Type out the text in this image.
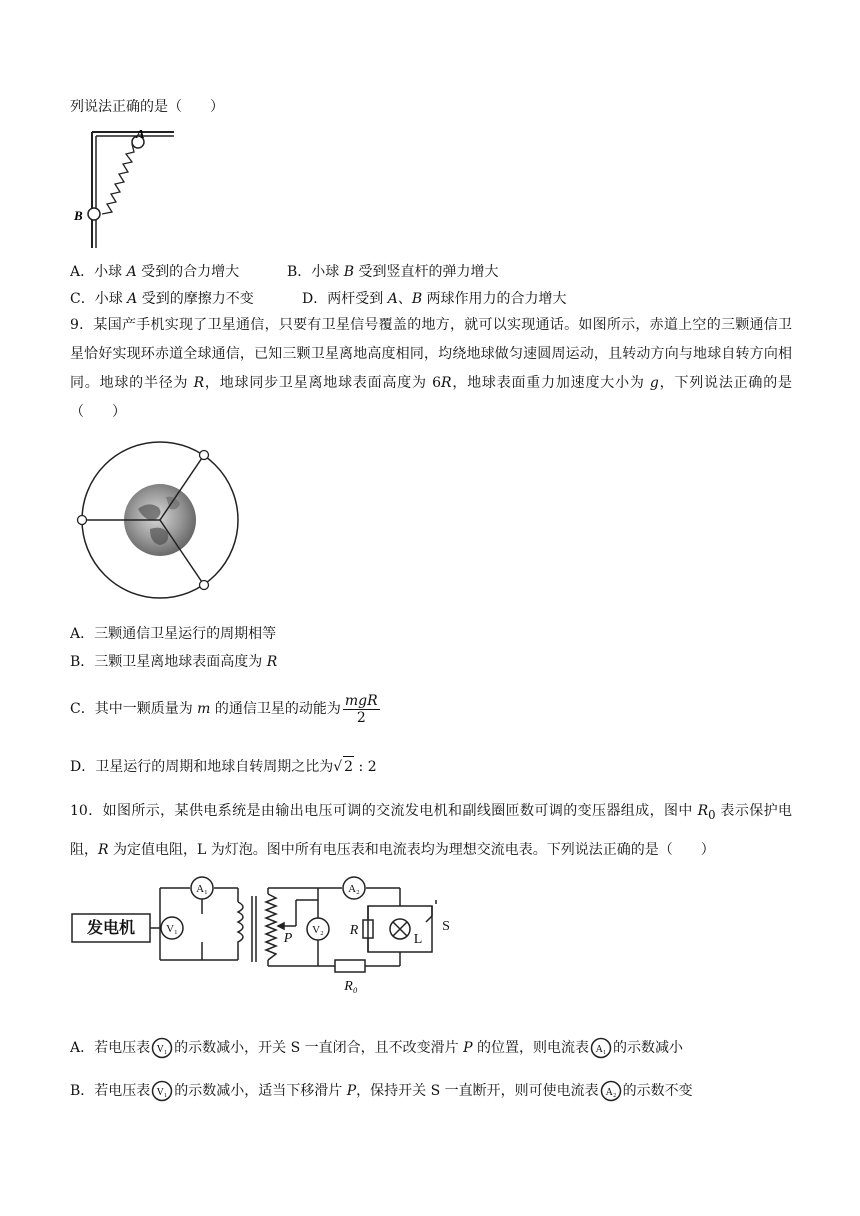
列说法正确的是（　　）
A
B
A．小球 A 受到的合力增大	B．小球 B 受到竖直杆的弹力增大
C．小球 A 受到的摩擦力不变	D．两杆受到 A、B 两球作用力的合力增大
9．某国产手机实现了卫星通信，只要有卫星信号覆盖的地方，就可以实现通话。如图所示，赤道上空的三颗通信卫星恰好实现环赤道全球通信，已知三颗卫星离地高度相同，均绕地球做匀速圆周运动，且转动方向与地球自转方向相同。地球的半径为 R，地球同步卫星离地球表面高度为 6R，地球表面重力加速度大小为 g，下列说法正确的是（　　）
A．三颗通信卫星运行的周期相等
B．三颗卫星离地球表面高度为 R
C．其中一颗质量为 m 的通信卫星的动能为 $\frac{\text{mgR}}{2}$
D．卫星运行的周期和地球自转周期之比为√ 2 : 2
10．如图所示，某供电系统是由输出电压可调的交流发电机和副线圈匝数可调的变压器组成，图中 $R_0$ 表示保护电阻，R 为定值电阻，L 为灯泡。图中所有电压表和电流表均为理想交流电表。下列说法正确的是（　　）
发电机
A₁
V₁
A₂
V₂
P
R
L
S
R₀
A．若电压表 V₁ 的示数减小，开关 S 一直闭合，且不改变滑片 P 的位置，则电流表 A₁ 的示数减小
B．若电压表 V₁ 的示数减小，适当下移滑片 P，保持开关 S 一直断开，则可使电流表 A₂ 的示数不变
